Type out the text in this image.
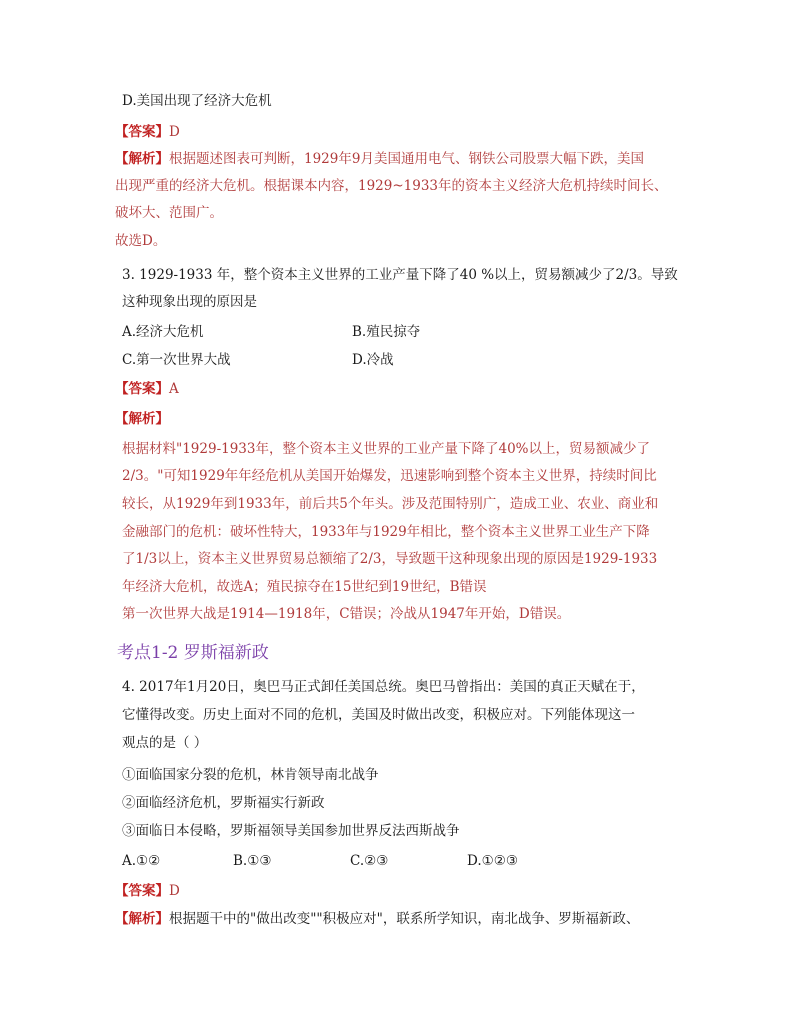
D.美国出现了经济大危机
【答案】D
【解析】根据题述图表可判断，1929年9月美国通用电气、钢铁公司股票大幅下跌，美国
出现严重的经济大危机。根据课本内容，1929~1933年的资本主义经济大危机持续时间长、
破坏大、范围广。
故选D。
3. 1929-1933 年，整个资本主义世界的工业产量下降了40 %以上，贸易额减少了2/3。导致
这种现象出现的原因是
A.经济大危机	B.殖民掠夺
C.第一次世界大战	D.冷战
【答案】A
【解析】
根据材料"1929-1933年，整个资本主义世界的工业产量下降了40%以上，贸易额减少了
2/3。"可知1929年年经危机从美国开始爆发，迅速影响到整个资本主义世界，持续时间比
较长，从1929年到1933年，前后共5个年头。涉及范围特别广，造成工业、农业、商业和
金融部门的危机：破坏性特大，1933年与1929年相比，整个资本主义世界工业生产下降
了1/3以上，资本主义世界贸易总额缩了2/3，导致题干这种现象出现的原因是1929-1933
年经济大危机，故选A；殖民掠夺在15世纪到19世纪，B错误
第一次世界大战是1914—1918年，C错误；冷战从1947年开始，D错误。
考点1-2 罗斯福新政
4. 2017年1月20日，奥巴马正式卸任美国总统。奥巴马曾指出：美国的真正天赋在于，
它懂得改变。历史上面对不同的危机，美国及时做出改变，积极应对。下列能体现这一
观点的是（ ）
①面临国家分裂的危机，林肯领导南北战争
②面临经济危机，罗斯福实行新政
③面临日本侵略，罗斯福领导美国参加世界反法西斯战争
A.①②	B.①③	C.②③	D.①②③
【答案】D
【解析】根据题干中的"做出改变""积极应对"，联系所学知识，南北战争、罗斯福新政、
